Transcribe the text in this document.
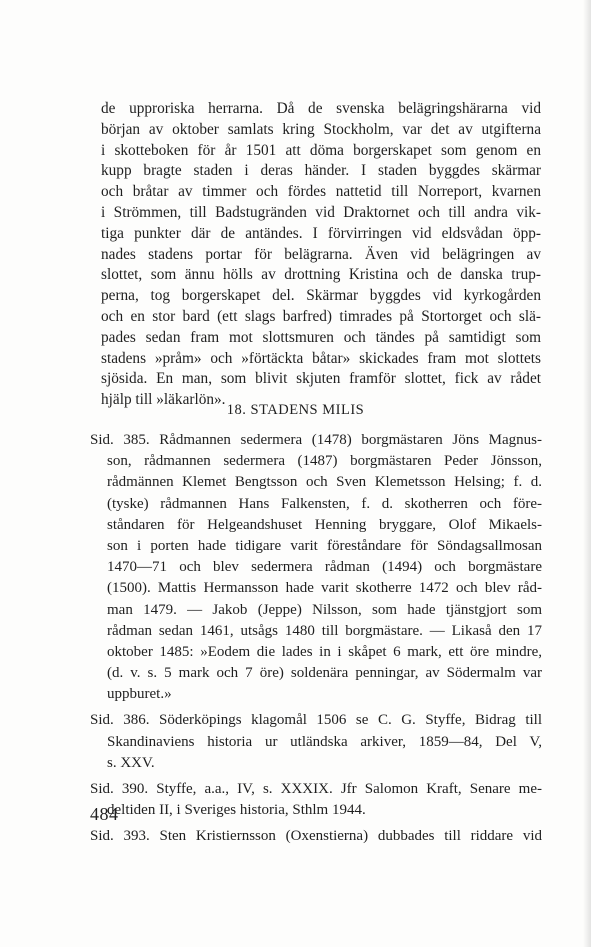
de upproriska herrarna. Då de svenska belägringshärarna vid
början av oktober samlats kring Stockholm, var det av utgifterna
i skotteboken för år 1501 att döma borgerskapet som genom en
kupp bragte staden i deras händer. I staden byggdes skärmar
och bråtar av timmer och fördes nattetid till Norreport, kvarnen
i Strömmen, till Badstugränden vid Draktornet och till andra vik-
tiga punkter där de antändes. I förvirringen vid eldsvådan öpp-
nades stadens portar för belägrarna. Även vid belägringen av
slottet, som ännu hölls av drottning Kristina och de danska trup-
perna, tog borgerskapet del. Skärmar byggdes vid kyrkogården
och en stor bard (ett slags barfred) timrades på Stortorget och slä-
pades sedan fram mot slottsmuren och tändes på samtidigt som
stadens »pråm» och »förtäckta båtar» skickades fram mot slottets
sjösida. En man, som blivit skjuten framför slottet, fick av rådet
hjälp till »läkarlön».
18. STADENS MILIS
Sid. 385. Rådmannen sedermera (1478) borgmästaren Jöns Magnus-
son, rådmannen sedermera (1487) borgmästaren Peder Jönsson,
rådmännen Klemet Bengtsson och Sven Klemetsson Helsing; f. d.
(tyske) rådmannen Hans Falkensten, f. d. skotherren och före-
ståndaren för Helgeandshuset Henning bryggare, Olof Mikaels-
son i porten hade tidigare varit föreståndare för Söndagsallmosan
1470—71 och blev sedermera rådman (1494) och borgmästare
(1500). Mattis Hermansson hade varit skotherre 1472 och blev råd-
man 1479. — Jakob (Jeppe) Nilsson, som hade tjänstgjort som
rådman sedan 1461, utsågs 1480 till borgmästare. — Likaså den 17
oktober 1485: »Eodem die lades in i skåpet 6 mark, ett öre mindre,
(d. v. s. 5 mark och 7 öre) soldenära penningar, av Södermalm var
uppburet.»
Sid. 386. Söderköpings klagomål 1506 se C. G. Styffe, Bidrag till
Skandinaviens historia ur utländska arkiver, 1859—84, Del V,
s. XXV.
Sid. 390. Styffe, a.a., IV, s. XXXIX. Jfr Salomon Kraft, Senare me-
deltiden II, i Sveriges historia, Sthlm 1944.
Sid. 393. Sten Kristiernsson (Oxenstierna) dubbades till riddare vid
484
